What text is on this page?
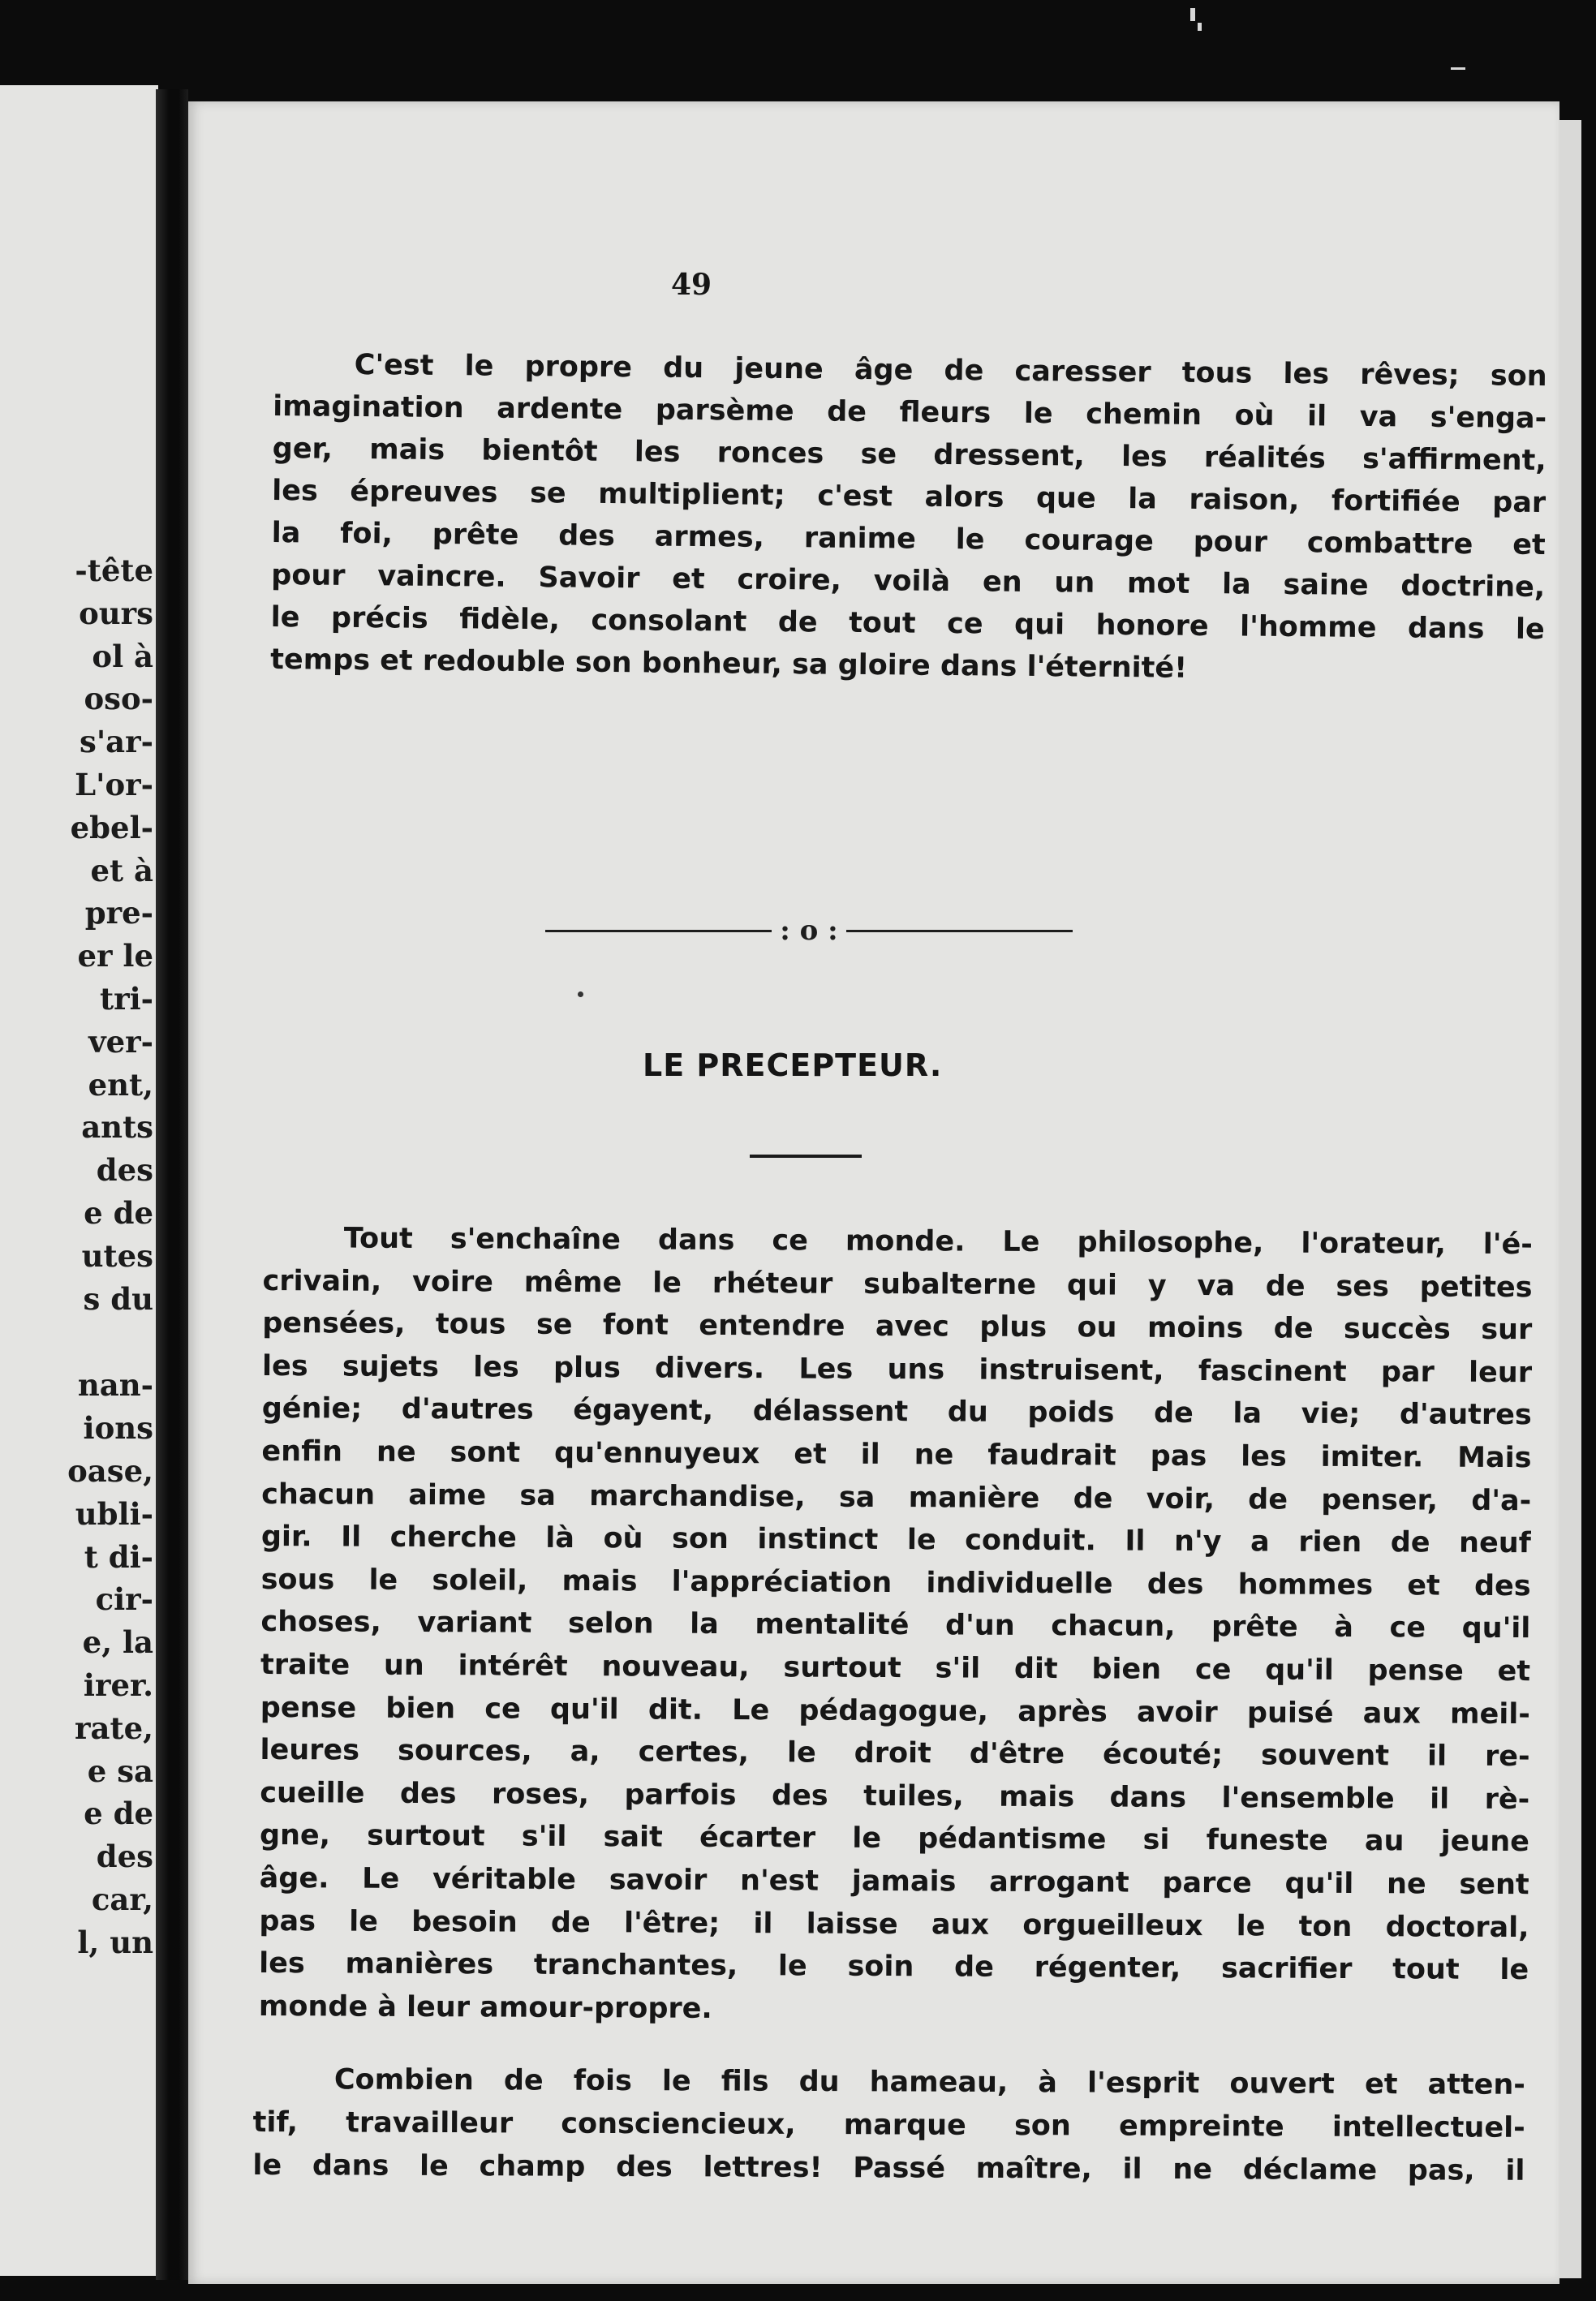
-tête
ours
ol à
oso-
s'ar-
L'or-
ebel-
et à
pre-
er le
tri-
ver-
ent,
ants
des
e de
utes
s du
nan-
ions
oase,
ubli-
t di-
cir-
e, la
irer.
rate,
e sa
e de
des
car,
l, un
49
C'est le propre du jeune âge de caresser tous les rêves; son
imagination ardente parsème de fleurs le chemin où il va s'enga-
ger, mais bientôt les ronces se dressent, les réalités s'affirment,
les épreuves se multiplient; c'est alors que la raison, fortifiée par
la foi, prête des armes, ranime le courage pour combattre et
pour vaincre. Savoir et croire, voilà en un mot la saine doctrine,
le précis fidèle, consolant de tout ce qui honore l'homme dans le
temps et redouble son bonheur, sa gloire dans l'éternité!
: o :
LE PRECEPTEUR.
Tout s'enchaîne dans ce monde. Le philosophe, l'orateur, l'é-
crivain, voire même le rhéteur subalterne qui y va de ses petites
pensées, tous se font entendre avec plus ou moins de succès sur
les sujets les plus divers. Les uns instruisent, fascinent par leur
génie; d'autres égayent, délassent du poids de la vie; d'autres
enfin ne sont qu'ennuyeux et il ne faudrait pas les imiter. Mais
chacun aime sa marchandise, sa manière de voir, de penser, d'a-
gir. Il cherche là où son instinct le conduit. Il n'y a rien de neuf
sous le soleil, mais l'appréciation individuelle des hommes et des
choses, variant selon la mentalité d'un chacun, prête à ce qu'il
traite un intérêt nouveau, surtout s'il dit bien ce qu'il pense et
pense bien ce qu'il dit. Le pédagogue, après avoir puisé aux meil-
leures sources, a, certes, le droit d'être écouté; souvent il re-
cueille des roses, parfois des tuiles, mais dans l'ensemble il rè-
gne, surtout s'il sait écarter le pédantisme si funeste au jeune
âge. Le véritable savoir n'est jamais arrogant parce qu'il ne sent
pas le besoin de l'être; il laisse aux orgueilleux le ton doctoral,
les manières tranchantes, le soin de régenter, sacrifier tout le
monde à leur amour-propre.
Combien de fois le fils du hameau, à l'esprit ouvert et atten-
tif, travailleur consciencieux, marque son empreinte intellectuel-
le dans le champ des lettres! Passé maître, il ne déclame pas, il
